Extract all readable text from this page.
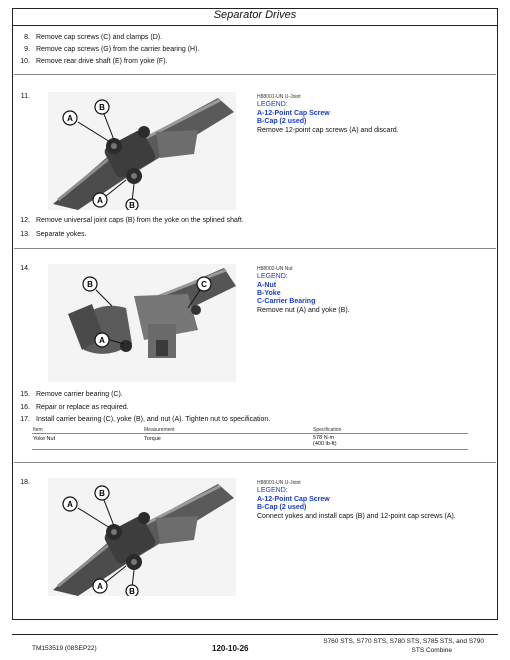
Separator Drives
8. Remove cap screws (C) and clamps (D).
9. Remove cap screws (G) from the carrier bearing (H).
10. Remove rear drive shaft (E) from yoke (F).
11.
A
B
A
B
H88001-UN U-Joint
LEGEND:
A-12-Point Cap Screw
B-Cap (2 used)
Remove 12-point cap screws (A) and discard.
12. Remove universal joint caps (B) from the yoke on the splined shaft.
13. Separate yokes.
14.
B	C
A
H88002-UN Nut
LEGEND:
A-Nut
B-Yoke
C-Carrier Bearing
Remove nut (A) and yoke (B).
15. Remove carrier bearing (C).
16. Repair or replace as required.
17. Install carrier bearing (C), yoke (B), and nut (A). Tighten nut to specification.
Item	Measurement	Specification
Yoke Nut	Torque	578 N·m
(400 lb-ft)
18.
A
B
A
B
H88001-UN U-Joint
LEGEND:
A-12-Point Cap Screw
B-Cap (2 used)
Connect yokes and install caps (B) and 12-point cap screws (A).
TM153519 (08SEP22)	120-10-26
S760 STS, S770 STS, S780 STS, S785 STS, and S790
STS Combine
